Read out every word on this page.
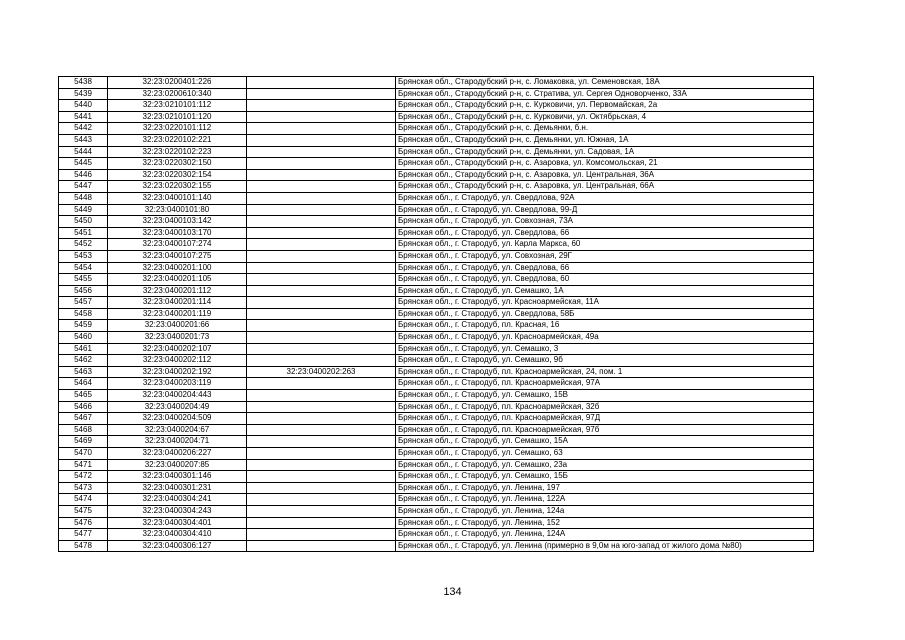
5438	32:23:0200401:226		Брянская обл., Стародубский р-н, с. Ломаковка, ул. Семеновская, 18А
5439	32:23:0200610:340		Брянская обл., Стародубский р-н, с. Стратива, ул. Сергея Одноворченко, 33А
5440	32:23:0210101:112		Брянская обл., Стародубский р-н, с. Курковичи, ул. Первомайская, 2а
5441	32:23:0210101:120		Брянская обл., Стародубский р-н, с. Курковичи, ул. Октябрьская, 4
5442	32:23:0220101:112		Брянская обл., Стародубский р-н, с. Демьянки, б.н.
5443	32:23:0220102:221		Брянская обл., Стародубский р-н, с. Демьянки, ул. Южная, 1А
5444	32:23:0220102:223		Брянская обл., Стародубский р-н, с. Демьянки, ул. Садовая, 1А
5445	32:23:0220302:150		Брянская обл., Стародубский р-н, с. Азаровка, ул. Комсомольская, 21
5446	32:23:0220302:154		Брянская обл., Стародубский р-н, с. Азаровка, ул. Центральная, 36А
5447	32:23:0220302:155		Брянская обл., Стародубский р-н, с. Азаровка, ул. Центральная, 66А
5448	32:23:0400101:140		Брянская обл., г. Стародуб, ул. Свердлова, 92А
5449	32:23:0400101:80		Брянская обл., г. Стародуб, ул. Свердлова, 99-Д
5450	32:23:0400103:142		Брянская обл., г. Стародуб, ул. Совхозная, 73А
5451	32:23:0400103:170		Брянская обл., г. Стародуб, ул. Свердлова, 66
5452	32:23:0400107:274		Брянская обл., г. Стародуб, ул. Карла Маркса, 60
5453	32:23:0400107:275		Брянская обл., г. Стародуб, ул. Совхозная, 29Г
5454	32:23:0400201:100		Брянская обл., г. Стародуб, ул. Свердлова, 66
5455	32:23:0400201:105		Брянская обл., г. Стародуб, ул. Свердлова, 60
5456	32:23:0400201:112		Брянская обл., г. Стародуб, ул. Семашко, 1А
5457	32:23:0400201:114		Брянская обл., г. Стародуб, ул. Красноармейская, 11А
5458	32:23:0400201:119		Брянская обл., г. Стародуб, ул. Свердлова, 58Б
5459	32:23:0400201:66		Брянская обл., г. Стародуб, пл. Красная, 16
5460	32:23:0400201:73		Брянская обл., г. Стародуб, ул. Красноармейская, 49а
5461	32:23:0400202:107		Брянская обл., г. Стародуб, ул. Семашко, 3
5462	32:23:0400202:112		Брянская обл., г. Стародуб, ул. Семашко, 9б
5463	32:23:0400202:192	32:23:0400202:263	Брянская обл., г. Стародуб, пл. Красноармейская, 24, пом. 1
5464	32:23:0400203:119		Брянская обл., г. Стародуб, пл. Красноармейская, 97А
5465	32:23:0400204:443		Брянская обл., г. Стародуб, ул. Семашко, 15В
5466	32:23:0400204:49		Брянская обл., г. Стародуб, пл. Красноармейская, 32б
5467	32:23:0400204:509		Брянская обл., г. Стародуб, пл. Красноармейская, 97Д
5468	32:23:0400204:67		Брянская обл., г. Стародуб, пл. Красноармейская, 97б
5469	32:23:0400204:71		Брянская обл., г. Стародуб, ул. Семашко, 15А
5470	32:23:0400206:227		Брянская обл., г. Стародуб, ул. Семашко, 63
5471	32:23:0400207:85		Брянская обл., г. Стародуб, ул. Семашко, 23а
5472	32:23:0400301:146		Брянская обл., г. Стародуб, ул. Семашко, 15Б
5473	32:23:0400301:231		Брянская обл., г. Стародуб, ул. Ленина, 197
5474	32:23:0400304:241		Брянская обл., г. Стародуб, ул. Ленина, 122А
5475	32:23:0400304:243		Брянская обл., г. Стародуб, ул. Ленина, 124а
5476	32:23:0400304:401		Брянская обл., г. Стародуб, ул. Ленина, 152
5477	32:23:0400304:410		Брянская обл., г. Стародуб, ул. Ленина, 124А
5478	32:23:0400306:127		Брянская обл., г. Стародуб, ул. Ленина (примерно в 9,0м на юго-запад от жилого дома №80)
134
